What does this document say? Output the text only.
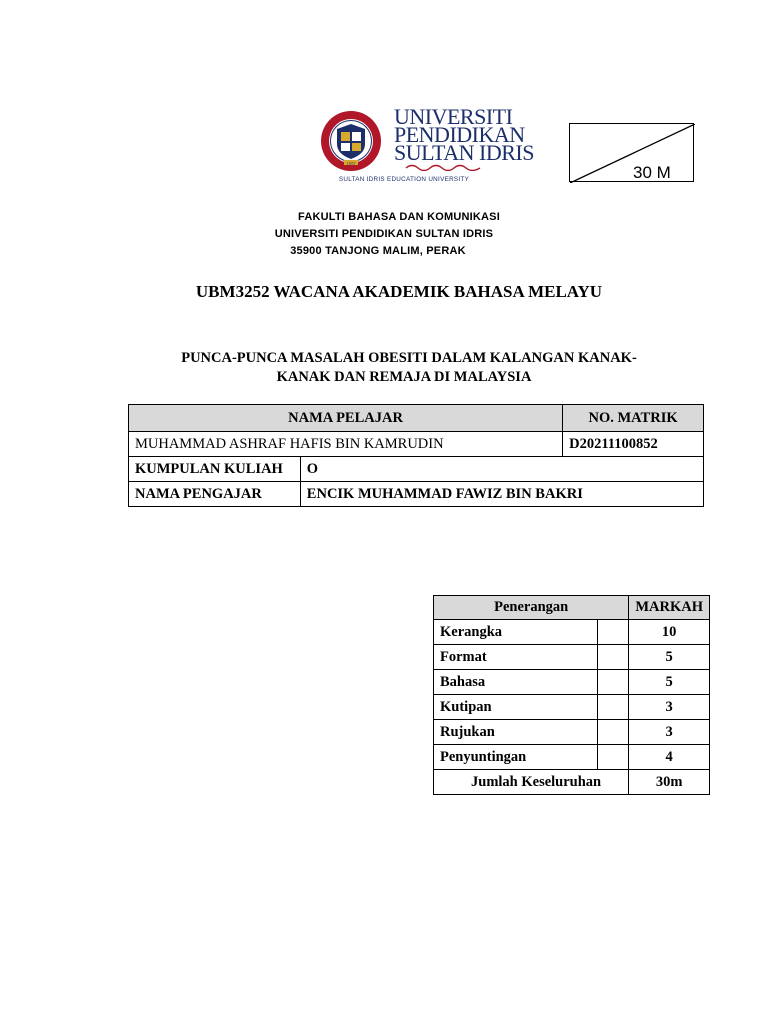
1922
UNIVERSITI
PENDIDIKAN
SULTAN IDRIS
SULTAN IDRIS EDUCATION UNIVERSITY	30 M
FAKULTI BAHASA DAN KOMUNIKASI
UNIVERSITI PENDIDIKAN SULTAN IDRIS
35900 TANJONG MALIM, PERAK
UBM3252 WACANA AKADEMIK BAHASA MELAYU
PUNCA-PUNCA MASALAH OBESITI DALAM KALANGAN KANAK-
KANAK DAN REMAJA DI MALAYSIA
NAMA PELAJAR		NO. MATRIK
MUHAMMAD ASHRAF HAFIS BIN KAMRUDIN		D20211100852
KUMPULAN KULIAH	O	
NAMA PENGAJAR	ENCIK MUHAMMAD FAWIZ BIN BAKRI	
Penerangan		MARKAH
Kerangka		10
Format		5
Bahasa		5
Kutipan		3
Rujukan		3
Penyuntingan		4
Jumlah Keseluruhan		30m
